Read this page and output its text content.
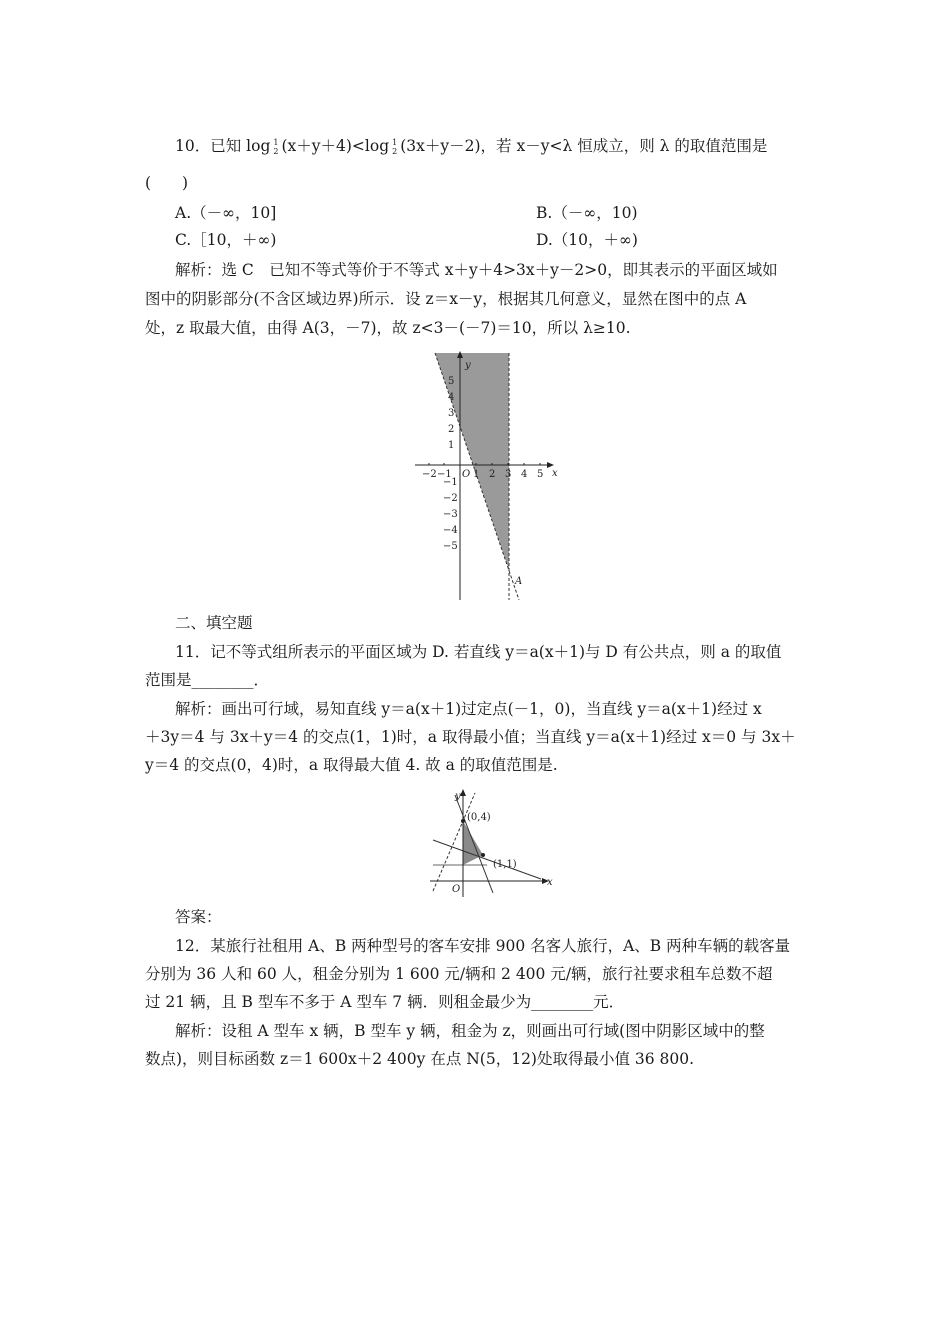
10．已知 log 1
2 (x＋y＋4)<log 1
2 (3x＋y－2)，若 x－y<λ 恒成立，则 λ 的取值范围是
(　　)
A.（－∞，10]	B.（－∞，10)
C.［10，＋∞)	D.（10，＋∞)
解析：选 C　已知不等式等价于不等式 x＋y＋4>3x＋y－2>0，即其表示的平面区域如
图中的阴影部分(不含区域边界)所示．设 z＝x－y，根据其几何意义，显然在图中的点 A
处，z 取最大值，由得 A(3，－7)，故 z<3－(－7)＝10，所以 λ≥10.
−2 −1 O 1 2 3 4 5 x
y
5
4
3
2
1
−1
−2
−3
−4
−5
A
二、填空题
11．记不等式组所表示的平面区域为 D. 若直线 y＝a(x＋1)与 D 有公共点，则 a 的取值
范围是________．
解析：画出可行域，易知直线 y＝a(x＋1)过定点(－1，0)，当直线 y＝a(x＋1)经过 x
＋3y＝4 与 3x＋y＝4 的交点(1，1)时，a 取得最小值；当直线 y＝a(x＋1)经过 x＝0 与 3x＋
y＝4 的交点(0，4)时，a 取得最大值 4. 故 a 的取值范围是.
y
x
O
(0,4)
(1,1)
答案：
12．某旅行社租用 A、B 两种型号的客车安排 900 名客人旅行，A、B 两种车辆的载客量
分别为 36 人和 60 人，租金分别为 1 600 元/辆和 2 400 元/辆，旅行社要求租车总数不超
过 21 辆，且 B 型车不多于 A 型车 7 辆．则租金最少为________元．
解析：设租 A 型车 x 辆，B 型车 y 辆，租金为 z，则画出可行域(图中阴影区域中的整
数点)，则目标函数 z＝1 600x＋2 400y 在点 N(5，12)处取得最小值 36 800.
